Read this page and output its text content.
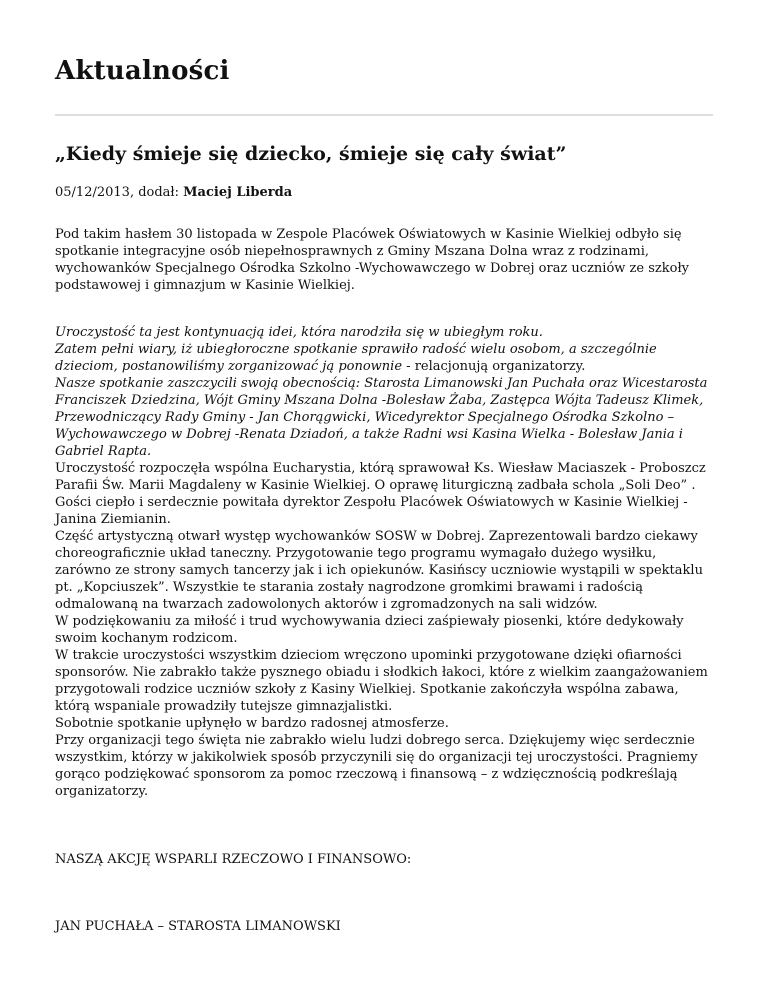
Aktualności
„Kiedy śmieje się dziecko, śmieje się cały świat”
05/12/2013, dodał: Maciej Liberda

Pod takim hasłem 30 listopada w Zespole Placówek Oświatowych w Kasinie Wielkiej odbyło się spotkanie integracyjne osób niepełnosprawnych z Gminy Mszana Dolna wraz z rodzinami, wychowanków Specjalnego Ośrodka Szkolno -Wychowawczego w Dobrej oraz uczniów ze szkoły podstawowej i gimnazjum w Kasinie Wielkiej.

Uroczystość ta jest kontynuacją idei, która narodziła się w ubiegłym roku.

Zatem pełni wiary, iż ubiegłoroczne spotkanie sprawiło radość wielu osobom, a szczególnie dzieciom, postanowiliśmy zorganizować ją ponownie - relacjonują organizatorzy.

Nasze spotkanie zaszczycili swoją obecnością: Starosta Limanowski Jan Puchała oraz Wicestarosta Franciszek Dziedzina, Wójt Gminy Mszana Dolna -Bolesław Żaba, Zastępca Wójta Tadeusz Klimek, Przewodniczący Rady Gminy - Jan Chorągwicki, Wicedyrektor Specjalnego Ośrodka Szkolno – Wychowawczego w Dobrej -Renata Dziadoń, a także Radni wsi Kasina Wielka - Bolesław Jania i Gabriel Rapta.

Uroczystość rozpoczęła wspólna Eucharystia, którą sprawował Ks. Wiesław Maciaszek - Proboszcz Parafii Św. Marii Magdaleny w Kasinie Wielkiej. O oprawę liturgiczną zadbała schola „Soli Deo” . Gości ciepło i serdecznie powitała dyrektor Zespołu Placówek Oświatowych w Kasinie Wielkiej - Janina Ziemianin.

Część artystyczną otwarł występ wychowanków SOSW w Dobrej. Zaprezentowali bardzo ciekawy choreograficznie układ taneczny. Przygotowanie tego programu wymagało dużego wysiłku, zarówno ze strony samych tancerzy jak i ich opiekunów. Kasińscy uczniowie wystąpili w spektaklu pt. „Kopciuszek”. Wszystkie te starania zostały nagrodzone gromkimi brawami i radością odmalowaną na twarzach zadowolonych aktorów i zgromadzonych na sali widzów.

W podziękowaniu za miłość i trud wychowywania dzieci zaśpiewały piosenki, które dedykowały swoim kochanym rodzicom.

W trakcie uroczystości wszystkim dzieciom wręczono upominki przygotowane dzięki ofiarności sponsorów. Nie zabrakło także pysznego obiadu i słodkich łakoci, które z wielkim zaangażowaniem przygotowali rodzice uczniów szkoły z Kasiny Wielkiej. Spotkanie zakończyła wspólna zabawa, którą wspaniale prowadziły tutejsze gimnazjalistki.

Sobotnie spotkanie upłynęło w bardzo radosnej atmosferze.

Przy organizacji tego święta nie zabrakło wielu ludzi dobrego serca. Dziękujemy więc serdecznie wszystkim, którzy w jakikolwiek sposób przyczynili się do organizacji tej uroczystości. Pragniemy gorąco podziękować sponsorom za pomoc rzeczową i finansową – z wdzięcznością podkreślają organizatorzy.

NASZĄ AKCJĘ WSPARLI RZECZOWO I FINANSOWO:

JAN PUCHAŁA – STAROSTA LIMANOWSKI
